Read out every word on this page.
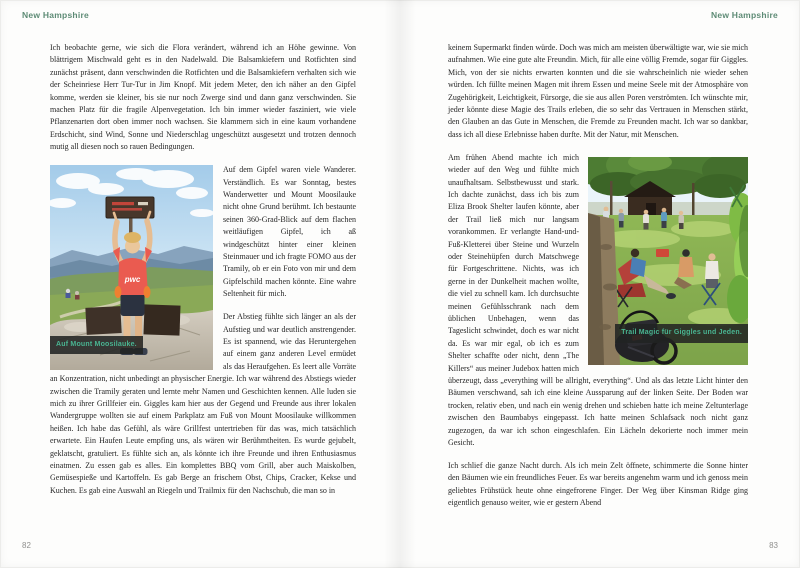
New Hampshire	New Hampshire

Ich beobachte gerne, wie sich die Flora verändert, während ich an Höhe gewinne. Von blättrigem Mischwald geht es in den Nadelwald. Die Balsamkiefern und Rotfichten sind zunächst präsent, dann verschwinden die Rotfichten und die Balsamkiefern verhalten sich wie der Scheinriese Herr Tur-Tur in Jim Knopf. Mit jedem Meter, den ich näher an den Gipfel komme, werden sie kleiner, bis sie nur noch Zwerge sind und dann ganz verschwinden. Sie machen Platz für die fragile Alpenvegetation. Ich bin immer wieder fasziniert, wie viele Pflanzenarten dort oben immer noch wachsen. Sie klammern sich in eine kaum vorhandene Erdschicht, sind Wind, Sonne und Niederschlag ungeschützt ausgesetzt und trotzen dennoch mutig all diesen noch so rauen Bedingungen.

pwc
Auf Mount Moosilauke.

Auf dem Gipfel waren viele Wanderer. Verständlich. Es war Sonntag, bestes Wanderwetter und Mount Moosilauke nicht ohne Grund berühmt. Ich bestaunte seinen 360-Grad-Blick auf dem flachen weitläufigen Gipfel, ich aß windgeschützt hinter einer kleinen Steinmauer und ich fragte FOMO aus der Tramily, ob er ein Foto von mir und dem Gipfelschild machen könnte. Eine wahre Seltenheit für mich.

Der Abstieg fühlte sich länger an als der Aufstieg und war deutlich anstrengender. Es ist spannend, wie das Heruntergehen auf einem ganz anderen Level ermüdet als das Heraufgehen. Es leert alle Vorräte an Konzentration, nicht unbedingt an physischer Energie. Ich war während des Abstiegs wieder zwischen die Tramily geraten und lernte mehr Namen und Geschichten kennen. Alle luden sie mich zu ihrer Grillfeier ein. Giggles kam hier aus der Gegend und Freunde aus ihrer lokalen Wandergruppe wollten sie auf einem Parkplatz am Fuß von Mount Moosilauke willkommen heißen. Ich habe das Gefühl, als wäre Grillfest untertrieben für das was, mich tatsächlich erwartete. Ein Haufen Leute empfing uns, als wären wir Berühmtheiten. Es wurde gejubelt, geklatscht, gratuliert. Es fühlte sich an, als könnte ich ihre Freunde und ihren Enthusiasmus einatmen. Zu essen gab es alles. Ein komplettes BBQ vom Grill, aber auch Maiskolben, Gemüsespieße und Kartoffeln. Es gab Berge an frischem Obst, Chips, Cracker, Kekse und Kuchen. Es gab eine Auswahl an Riegeln und Trailmix für den Nachschub, die man so in

keinem Supermarkt finden würde. Doch was mich am meisten überwältigte war, wie sie mich aufnahmen. Wie eine gute alte Freundin. Mich, für alle eine völlig Fremde, sogar für Giggles. Mich, von der sie nichts erwarten konnten und die sie wahrscheinlich nie wieder sehen würden. Ich füllte meinen Magen mit ihrem Essen und meine Seele mit der Atmosphäre von Zugehörigkeit, Leichtigkeit, Fürsorge, die sie aus allen Poren verströmten. Ich wünschte mir, jeder könnte diese Magie des Trails erleben, die so sehr das Vertrauen in Menschen stärkt, den Glauben an das Gute in Menschen, die Fremde zu Freunden macht. Ich war so dankbar, dass ich all diese Erlebnisse haben durfte. Mit der Natur, mit Menschen.

Trail Magic für Giggles und Jeden.

Am frühen Abend machte ich mich wieder auf den Weg und fühlte mich unaufhaltsam. Selbstbewusst und stark. Ich dachte zunächst, dass ich bis zum Eliza Brook Shelter laufen könnte, aber der Trail ließ mich nur langsam vorankommen. Er verlangte Hand-und-Fuß-Kletterei über Steine und Wurzeln oder Steinehüpfen durch Matschwege für Fortgeschrittene. Nichts, was ich gerne in der Dunkelheit machen wollte, die viel zu schnell kam. Ich durchsuchte meinen Gefühlsschrank nach dem üblichen Unbehagen, wenn das Tageslicht schwindet, doch es war nicht da. Es war mir egal, ob ich es zum Shelter schaffte oder nicht, denn „The Killers“ aus meiner Judebox hatten mich überzeugt, dass „everything will be allright, everything“. Und als das letzte Licht hinter den Bäumen verschwand, sah ich eine kleine Aussparung auf der linken Seite. Der Boden war trocken, relativ eben, und nach ein wenig drehen und schieben hatte ich meine Zeltunterlage zwischen den Baumbabys eingepasst. Ich hatte meinen Schlafsack noch nicht ganz zugezogen, da war ich schon eingeschlafen. Ein Lächeln dekorierte noch immer mein Gesicht.

Ich schlief die ganze Nacht durch. Als ich mein Zelt öffnete, schimmerte die Sonne hinter den Bäumen wie ein freundliches Feuer. Es war bereits angenehm warm und ich genoss mein geliebtes Frühstück heute ohne eingefrorene Finger. Der Weg über Kinsman Ridge ging eigentlich genauso weiter, wie er gestern Abend

82	83
